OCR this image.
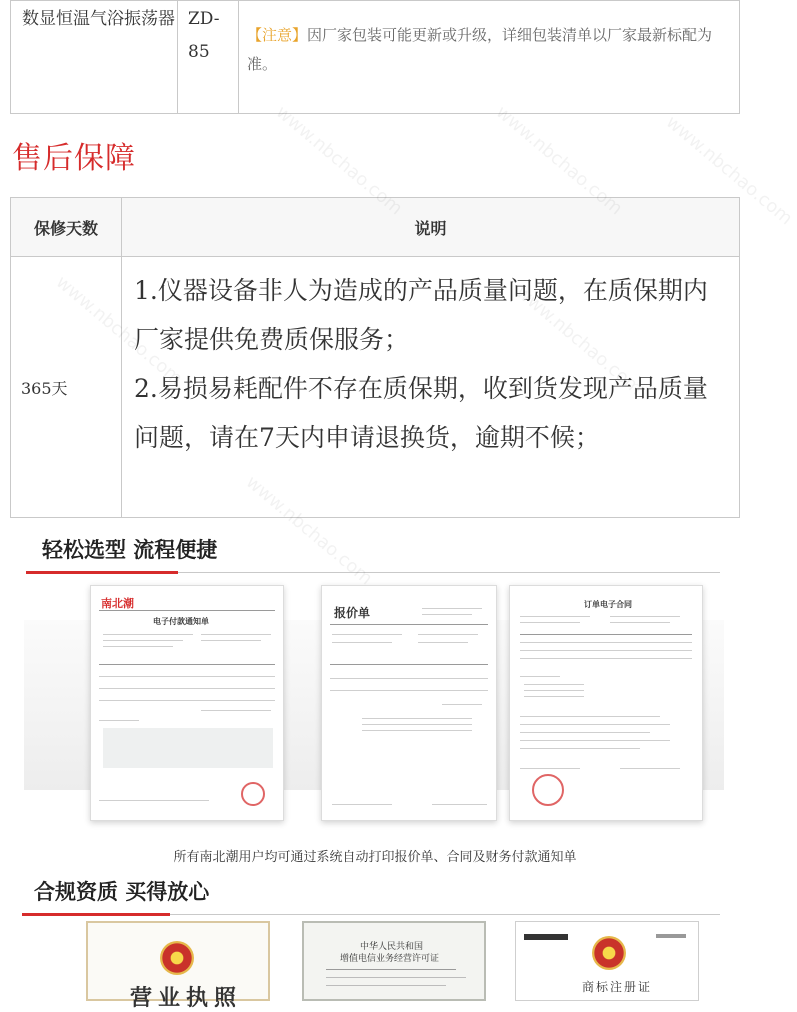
数显恒温气浴振荡器	ZD-85	【注意】因厂家包装可能更新或升级，详细包装清单以厂家最新标配为准。
售后保障
保修天数	说明
365天	1.仪器设备非人为造成的产品质量问题，在质保期内厂家提供免费质保服务；
2.易损易耗配件不存在质保期，收到货发现产品质量问题，请在7天内申请退换货，逾期不候；
轻松选型 流程便捷
南北潮
电子付款通知单
报价单
订单电子合同
所有南北潮用户均可通过系统自动打印报价单、合同及财务付款通知单
合规资质 买得放心
营业执照
中华人民共和国
增值电信业务经营许可证
商标注册证
www.nbchao.com	www.nbchao.com
www.nbchao.com	www.nbchao.com
www.nbchao.com
www.nbchao.com
